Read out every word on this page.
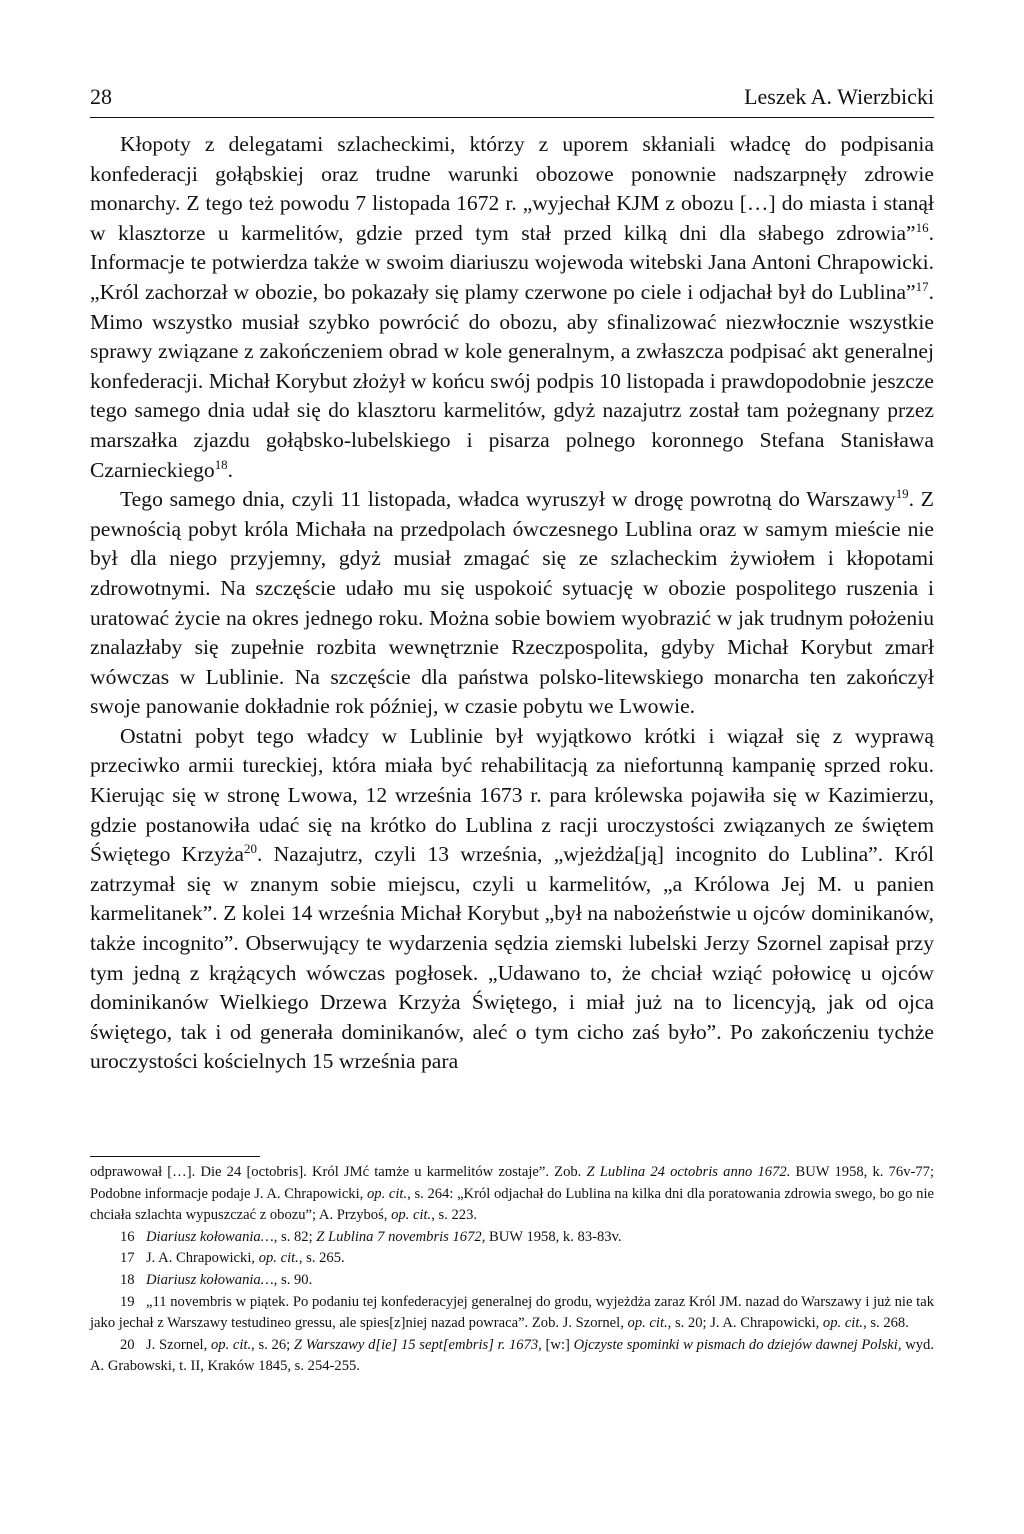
28	Leszek A. Wierzbicki

Kłopoty z delegatami szlacheckimi, którzy z uporem skłaniali władcę do podpisania konfederacji gołąbskiej oraz trudne warunki obozowe ponownie nadszarpnęły zdrowie monarchy. Z tego też powodu 7 listopada 1672 r. „wyjechał KJM z obozu […] do miasta i stanął w klasztorze u karmelitów, gdzie przed tym stał przed kilką dni dla słabego zdrowia”$^{16}$. Informacje te potwierdza także w swoim diariuszu wojewoda witebski Jana Antoni Chrapowicki. „Król zachorzał w obozie, bo pokazały się plamy czerwone po ciele i odjachał był do Lublina”$^{17}$. Mimo wszystko musiał szybko powrócić do obozu, aby sfinalizować niezwłocznie wszystkie sprawy związane z zakończeniem obrad w kole generalnym, a zwłaszcza podpisać akt generalnej konfederacji. Michał Korybut złożył w końcu swój podpis 10 listopada i prawdopodobnie jeszcze tego samego dnia udał się do klasztoru karmelitów, gdyż nazajutrz został tam pożegnany przez marszałka zjazdu gołąbsko-lubelskiego i pisarza polnego koronnego Stefana Stanisława Czarnieckiego$^{18}$.

Tego samego dnia, czyli 11 listopada, władca wyruszył w drogę powrotną do Warszawy$^{19}$. Z pewnością pobyt króla Michała na przedpolach ówczesnego Lublina oraz w samym mieście nie był dla niego przyjemny, gdyż musiał zmagać się ze szlacheckim żywiołem i kłopotami zdrowotnymi. Na szczęście udało mu się uspokoić sytuację w obozie pospolitego ruszenia i uratować życie na okres jednego roku. Można sobie bowiem wyobrazić w jak trudnym położeniu znalazłaby się zupełnie rozbita wewnętrznie Rzeczpospolita, gdyby Michał Korybut zmarł wówczas w Lublinie. Na szczęście dla państwa polsko-litewskiego monarcha ten zakończył swoje panowanie dokładnie rok później, w czasie pobytu we Lwowie.

Ostatni pobyt tego władcy w Lublinie był wyjątkowo krótki i wiązał się z wyprawą przeciwko armii tureckiej, która miała być rehabilitacją za niefortunną kampanię sprzed roku. Kierując się w stronę Lwowa, 12 września 1673 r. para królewska pojawiła się w Kazimierzu, gdzie postanowiła udać się na krótko do Lublina z racji uroczystości związanych ze świętem Świętego Krzyża$^{20}$. Nazajutrz, czyli 13 września, „wjeżdża[ją] incognito do Lublina”. Król zatrzymał się w znanym sobie miejscu, czyli u karmelitów, „a Królowa Jej M. u panien karmelitanek”. Z kolei 14 września Michał Korybut „był na nabożeństwie u ojców dominikanów, także incognito”. Obserwujący te wydarzenia sędzia ziemski lubelski Jerzy Szornel zapisał przy tym jedną z krążących wówczas pogłosek. „Udawano to, że chciał wziąć połowicę u ojców dominikanów Wielkiego Drzewa Krzyża Świętego, i miał już na to licencyją, jak od ojca świętego, tak i od generała dominikanów, aleć o tym cicho zaś było”. Po zakończeniu tychże uroczystości kościelnych 15 września para

odprawował […]. Die 24 [octobris]. Król JMć tamże u karmelitów zostaje”. Zob. Z Lublina 24 octobris anno 1672. BUW 1958, k. 76v-77; Podobne informacje podaje J. A. Chrapowicki, op. cit., s. 264: „Król odjachał do Lublina na kilka dni dla poratowania zdrowia swego, bo go nie chciała szlachta wypuszczać z obozu”; A. Przyboś, op. cit., s. 223.

16 Diariusz kołowania…, s. 82; Z Lublina 7 novembris 1672, BUW 1958, k. 83-83v.

17 J. A. Chrapowicki, op. cit., s. 265.

18 Diariusz kołowania…, s. 90.

19 „11 novembris w piątek. Po podaniu tej konfederacyjej generalnej do grodu, wyjeżdża zaraz Król JM. nazad do Warszawy i już nie tak jako jechał z Warszawy testudineo gressu, ale spies[z]niej nazad powraca”. Zob. J. Szornel, op. cit., s. 20; J. A. Chrapowicki, op. cit., s. 268.

20 J. Szornel, op. cit., s. 26; Z Warszawy d[ie] 15 sept[embris] r. 1673, [w:] Ojczyste spominki w pismach do dziejów dawnej Polski, wyd. A. Grabowski, t. II, Kraków 1845, s. 254-255.
